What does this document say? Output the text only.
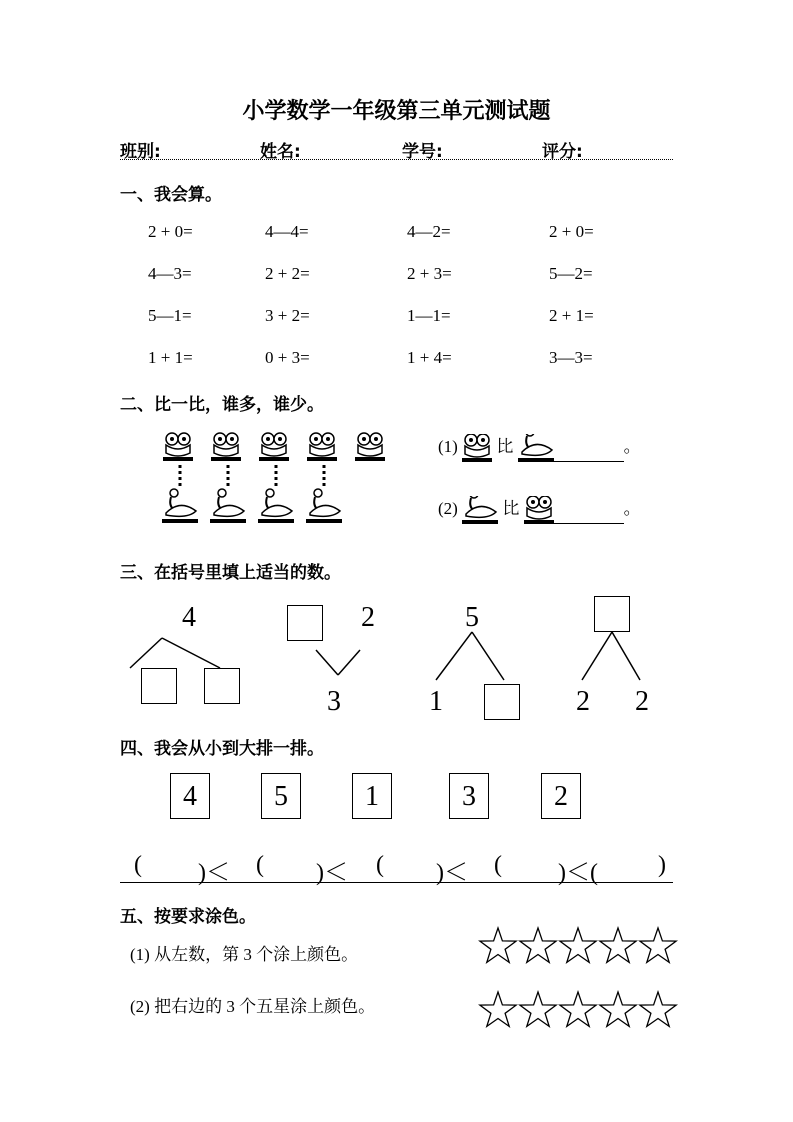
小学数学一年级第三单元测试题
班别:	姓名:	学号:	评分:
一、我会算。
2 + 0=	4—4=	4—2=	2 + 0=
4—3=	2 + 2=	2 + 3=	5—2=
5—1=	3 + 2=	1—1=	2 + 1=
1 + 1=	0 + 3=	1 + 4=	3—3=
二、比一比，谁多，谁少。
(1) 比	。
(2)	比	。
三、在括号里填上适当的数。
4	2
3
5
1	2 2
四、我会从小到大排一排。
4	5	1	3	2
( )＜ ( )＜ ( )＜ ( )＜(	)
五、按要求涂色。
(1) 从左数，第 3 个涂上颜色。
(2) 把右边的 3 个五星涂上颜色。
